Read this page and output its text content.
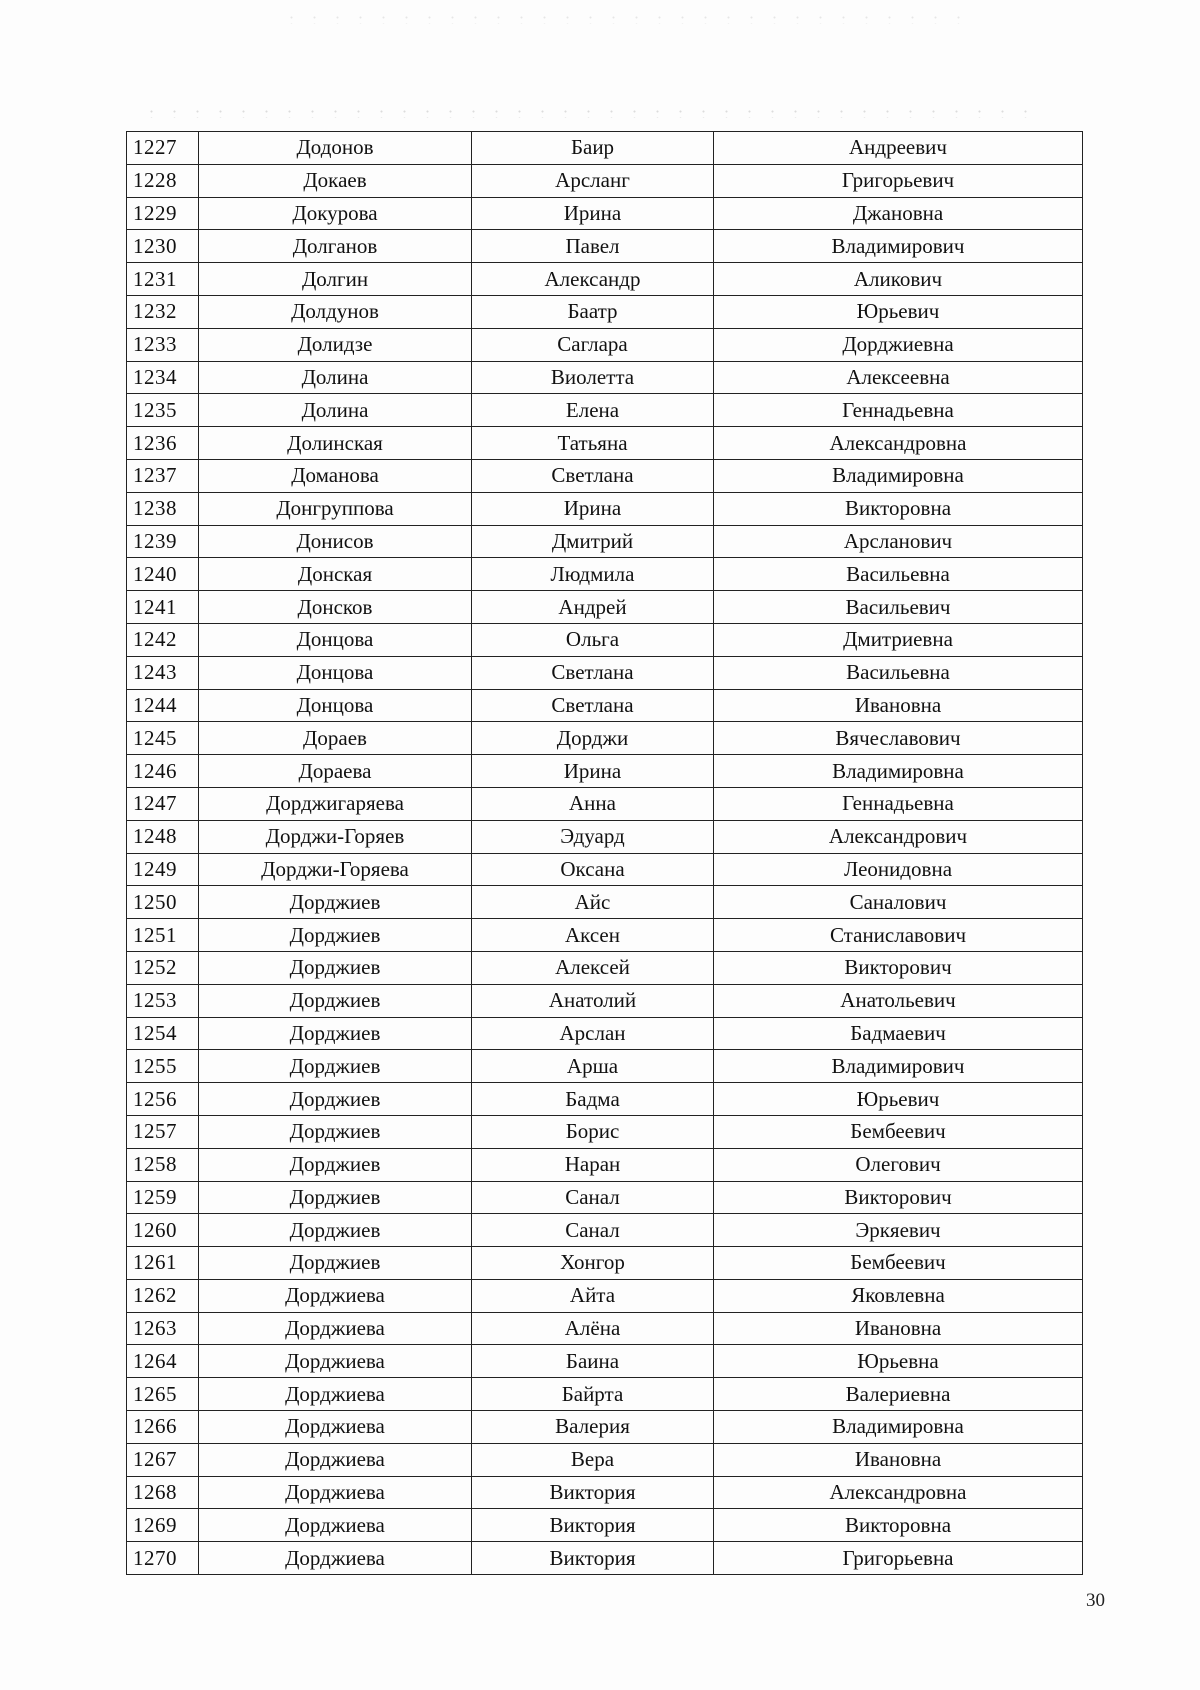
1227	Додонов	Баир	Андреевич
1228	Докаев	Арсланг	Григорьевич
1229	Докурова	Ирина	Джановна
1230	Долганов	Павел	Владимирович
1231	Долгин	Александр	Аликович
1232	Долдунов	Баатр	Юрьевич
1233	Долидзе	Саглара	Дорджиевна
1234	Долина	Виолетта	Алексеевна
1235	Долина	Елена	Геннадьевна
1236	Долинская	Татьяна	Александровна
1237	Доманова	Светлана	Владимировна
1238	Донгруппова	Ирина	Викторовна
1239	Донисов	Дмитрий	Арсланович
1240	Донская	Людмила	Васильевна
1241	Донсков	Андрей	Васильевич
1242	Донцова	Ольга	Дмитриевна
1243	Донцова	Светлана	Васильевна
1244	Донцова	Светлана	Ивановна
1245	Дораев	Дорджи	Вячеславович
1246	Дораева	Ирина	Владимировна
1247	Дорджигаряева	Анна	Геннадьевна
1248	Дорджи-Горяев	Эдуард	Александрович
1249	Дорджи-Горяева	Оксана	Леонидовна
1250	Дорджиев	Айс	Саналович
1251	Дорджиев	Аксен	Станиславович
1252	Дорджиев	Алексей	Викторович
1253	Дорджиев	Анатолий	Анатольевич
1254	Дорджиев	Арслан	Бадмаевич
1255	Дорджиев	Арша	Владимирович
1256	Дорджиев	Бадма	Юрьевич
1257	Дорджиев	Борис	Бембеевич
1258	Дорджиев	Наран	Олегович
1259	Дорджиев	Санал	Викторович
1260	Дорджиев	Санал	Эркяевич
1261	Дорджиев	Хонгор	Бембеевич
1262	Дорджиева	Айта	Яковлевна
1263	Дорджиева	Алёна	Ивановна
1264	Дорджиева	Баина	Юрьевна
1265	Дорджиева	Байрта	Валериевна
1266	Дорджиева	Валерия	Владимировна
1267	Дорджиева	Вера	Ивановна
1268	Дорджиева	Виктория	Александровна
1269	Дорджиева	Виктория	Викторовна
1270	Дорджиева	Виктория	Григорьевна
30
